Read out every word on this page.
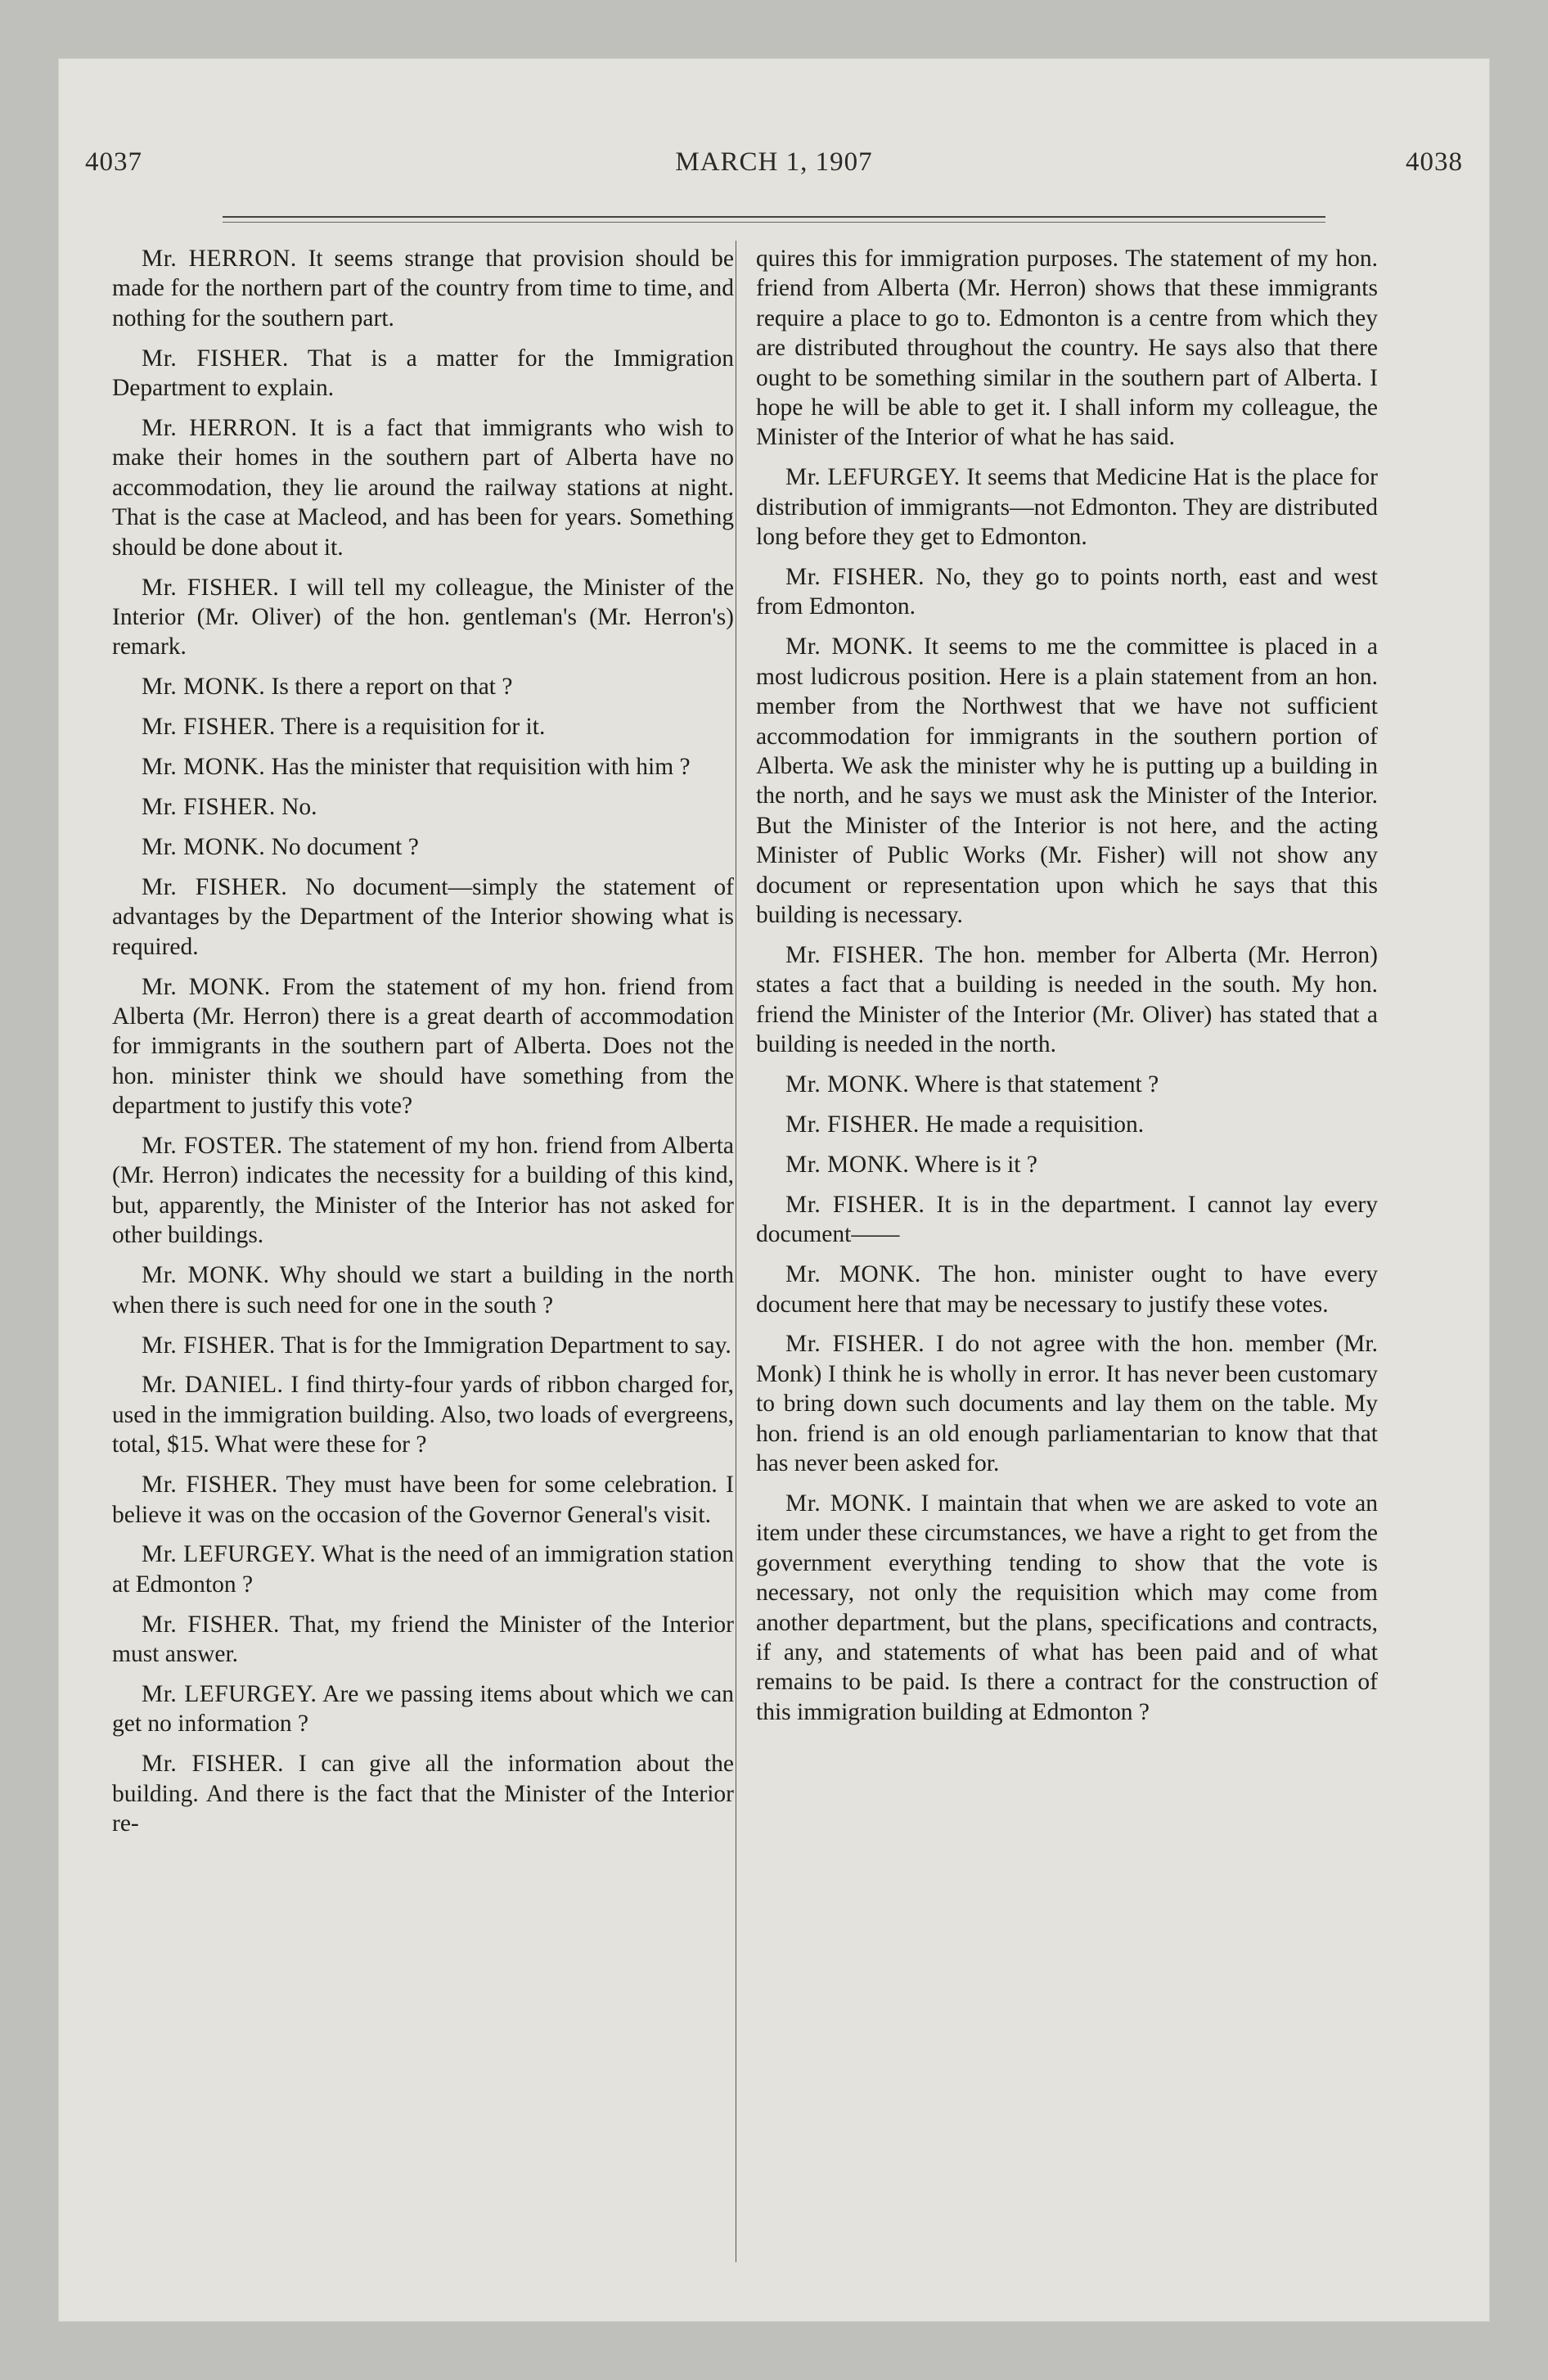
4037	MARCH 1, 1907	4038

Mr. HERRON. It seems strange that provision should be made for the northern part of the country from time to time, and nothing for the southern part.

Mr. FISHER. That is a matter for the Immigration Department to explain.

Mr. HERRON. It is a fact that immigrants who wish to make their homes in the southern part of Alberta have no accommodation, they lie around the railway stations at night. That is the case at Macleod, and has been for years. Something should be done about it.

Mr. FISHER. I will tell my colleague, the Minister of the Interior (Mr. Oliver) of the hon. gentleman's (Mr. Herron's) remark.

Mr. MONK. Is there a report on that ?

Mr. FISHER. There is a requisition for it.

Mr. MONK. Has the minister that requisition with him ?

Mr. FISHER. No.

Mr. MONK. No document ?

Mr. FISHER. No document—simply the statement of advantages by the Department of the Interior showing what is required.

Mr. MONK. From the statement of my hon. friend from Alberta (Mr. Herron) there is a great dearth of accommodation for immigrants in the southern part of Alberta. Does not the hon. minister think we should have something from the department to justify this vote?

Mr. FOSTER. The statement of my hon. friend from Alberta (Mr. Herron) indicates the necessity for a building of this kind, but, apparently, the Minister of the Interior has not asked for other buildings.

Mr. MONK. Why should we start a building in the north when there is such need for one in the south ?

Mr. FISHER. That is for the Immigration Department to say.

Mr. DANIEL. I find thirty-four yards of ribbon charged for, used in the immigration building. Also, two loads of evergreens, total, $15. What were these for ?

Mr. FISHER. They must have been for some celebration. I believe it was on the occasion of the Governor General's visit.

Mr. LEFURGEY. What is the need of an immigration station at Edmonton ?

Mr. FISHER. That, my friend the Minister of the Interior must answer.

Mr. LEFURGEY. Are we passing items about which we can get no information ?

Mr. FISHER. I can give all the information about the building. And there is the fact that the Minister of the Interior re-

quires this for immigration purposes. The statement of my hon. friend from Alberta (Mr. Herron) shows that these immigrants require a place to go to. Edmonton is a centre from which they are distributed throughout the country. He says also that there ought to be something similar in the southern part of Alberta. I hope he will be able to get it. I shall inform my colleague, the Minister of the Interior of what he has said.

Mr. LEFURGEY. It seems that Medicine Hat is the place for distribution of immigrants—not Edmonton. They are distributed long before they get to Edmonton.

Mr. FISHER. No, they go to points north, east and west from Edmonton.

Mr. MONK. It seems to me the committee is placed in a most ludicrous position. Here is a plain statement from an hon. member from the Northwest that we have not sufficient accommodation for immigrants in the southern portion of Alberta. We ask the minister why he is putting up a building in the north, and he says we must ask the Minister of the Interior. But the Minister of the Interior is not here, and the acting Minister of Public Works (Mr. Fisher) will not show any document or representation upon which he says that this building is necessary.

Mr. FISHER. The hon. member for Alberta (Mr. Herron) states a fact that a building is needed in the south. My hon. friend the Minister of the Interior (Mr. Oliver) has stated that a building is needed in the north.

Mr. MONK. Where is that statement ?

Mr. FISHER. He made a requisition.

Mr. MONK. Where is it ?

Mr. FISHER. It is in the department. I cannot lay every document——

Mr. MONK. The hon. minister ought to have every document here that may be necessary to justify these votes.

Mr. FISHER. I do not agree with the hon. member (Mr. Monk) I think he is wholly in error. It has never been customary to bring down such documents and lay them on the table. My hon. friend is an old enough parliamentarian to know that that has never been asked for.

Mr. MONK. I maintain that when we are asked to vote an item under these circumstances, we have a right to get from the government everything tending to show that the vote is necessary, not only the requisition which may come from another department, but the plans, specifications and contracts, if any, and statements of what has been paid and of what remains to be paid. Is there a contract for the construction of this immigration building at Edmonton ?
